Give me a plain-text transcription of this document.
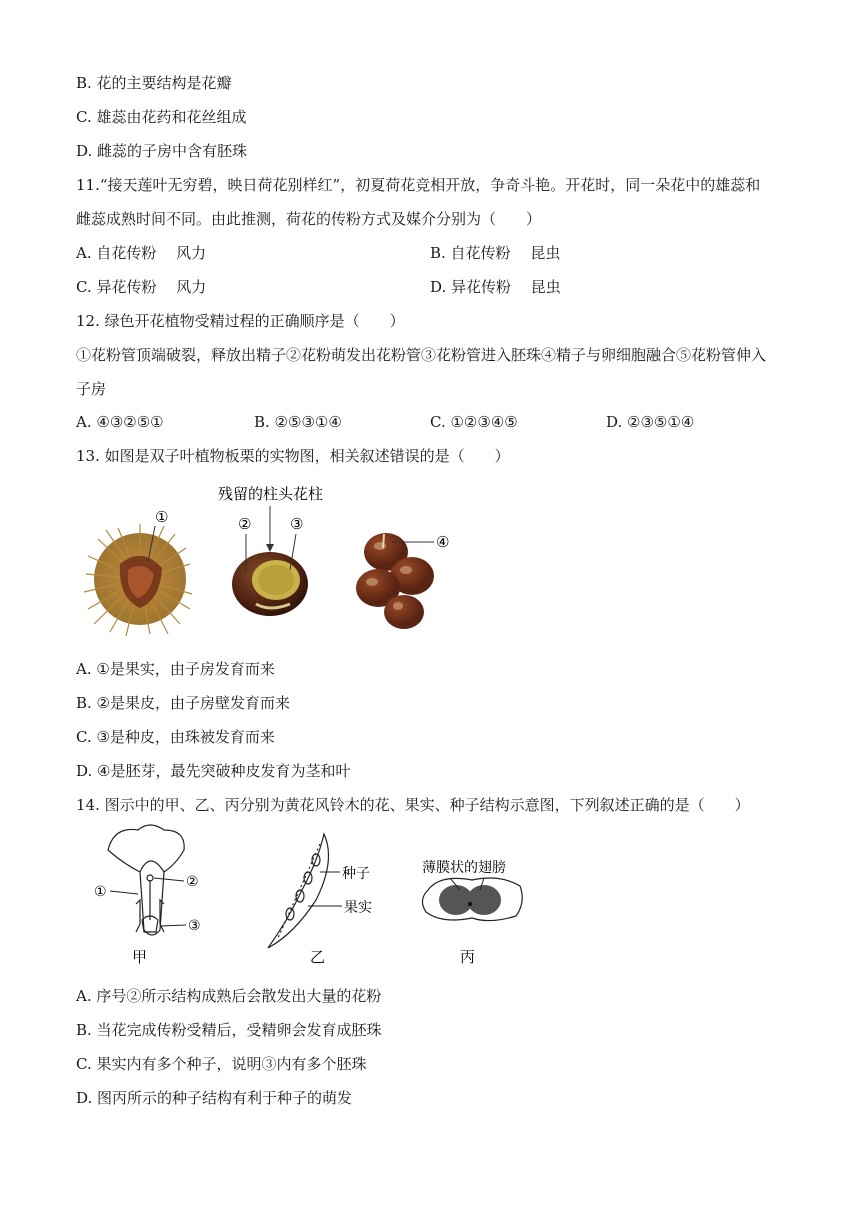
B. 花的主要结构是花瓣
C. 雄蕊由花药和花丝组成
D. 雌蕊的子房中含有胚珠
11.“接天莲叶无穷碧，映日荷花别样红”，初夏荷花竞相开放，争奇斗艳。开花时，同一朵花中的雄蕊和
雌蕊成熟时间不同。由此推测，荷花的传粉方式及媒介分别为（　　）
A. 自花传粉　 风力	B. 自花传粉　 昆虫
C. 异花传粉　 风力	D. 异花传粉　 昆虫
12. 绿色开花植物受精过程的正确顺序是（　　）
①花粉管顶端破裂，释放出精子②花粉萌发出花粉管③花粉管进入胚珠④精子与卵细胞融合⑤花粉管伸入
子房
A. ④③②⑤①	B. ②⑤③①④	C. ①②③④⑤	D. ②③⑤①④
13. 如图是双子叶植物板栗的实物图，相关叙述错误的是（　　）
①
残留的柱头花柱
②	③
④
A. ①是果实，由子房发育而来
B. ②是果皮，由子房壁发育而来
C. ③是种皮，由珠被发育而来
D. ④是胚芽，最先突破种皮发育为茎和叶
14. 图示中的甲、乙、丙分别为黄花风铃木的花、果实、种子结构示意图，下列叙述正确的是（　　）
①
②
③
甲
种子
果实
乙
薄膜状的翅膀
丙
A. 序号②所示结构成熟后会散发出大量的花粉
B. 当花完成传粉受精后，受精卵会发育成胚珠
C. 果实内有多个种子，说明③内有多个胚珠
D. 图丙所示的种子结构有利于种子的萌发
